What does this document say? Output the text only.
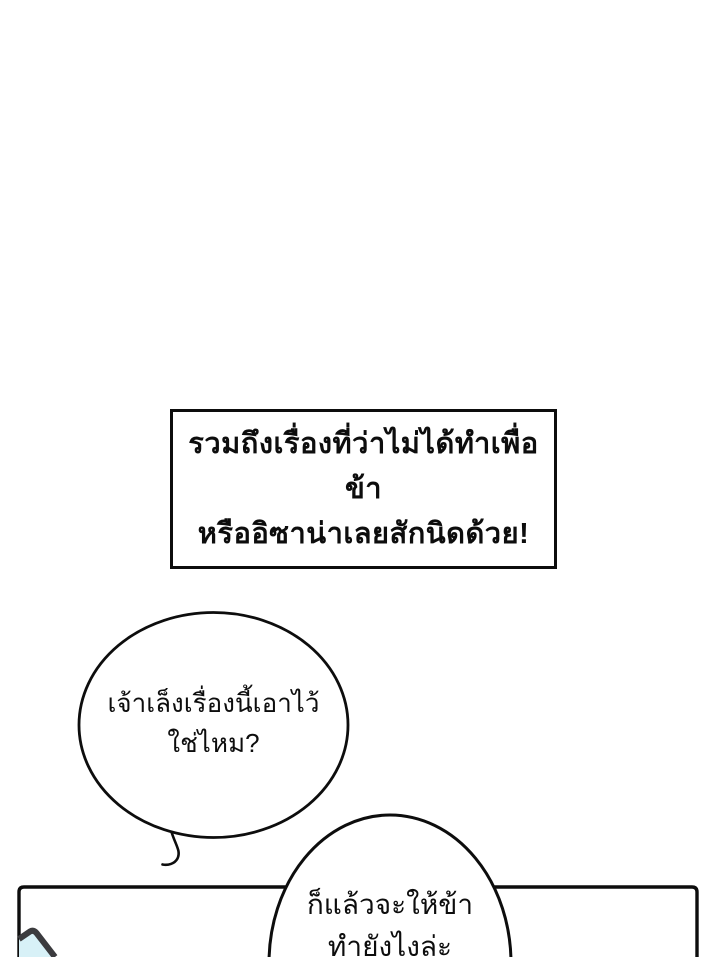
รวมถึงเรื่องที่ว่าไม่ได้ทำเพื่อข้า
หรืออิซาน่าเลยสักนิดด้วย!
เจ้าเล็งเรื่องนี้เอาไว้
ใช่ไหม?
ก็แล้วจะให้ข้า
ทำยังไงล่ะ
